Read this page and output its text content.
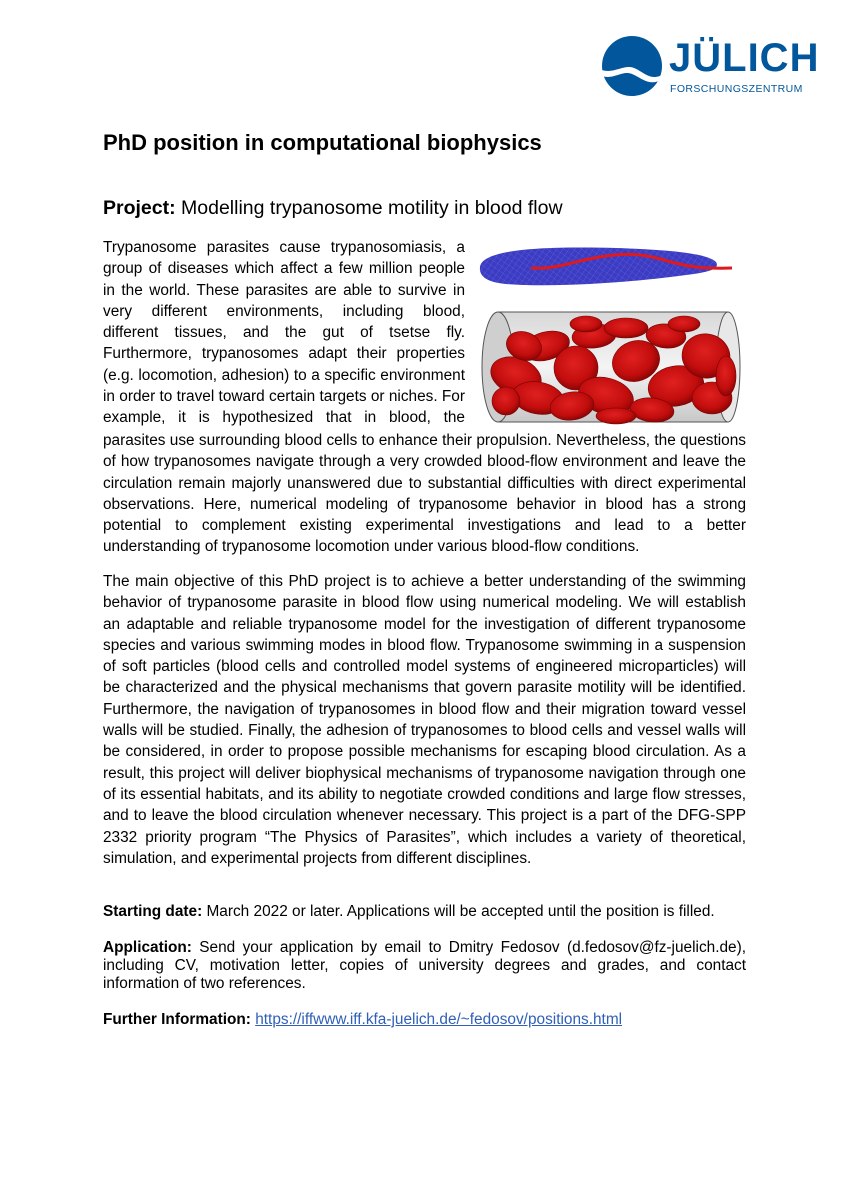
JÜLICH
FORSCHUNGSZENTRUM
PhD position in computational biophysics
Project: Modelling trypanosome motility in blood flow
Trypanosome parasites cause trypanosomiasis, a
group of diseases which affect a few million people
in the world. These parasites are able to survive in
very different environments, including blood,
different tissues, and the gut of tsetse fly.
Furthermore, trypanosomes adapt their properties
(e.g. locomotion, adhesion) to a specific environment
in order to travel toward certain targets or niches. For
example, it is hypothesized that in blood, the
parasites use surrounding blood cells to enhance their propulsion. Nevertheless, the questions
of how trypanosomes navigate through a very crowded blood-flow environment and leave the
circulation remain majorly unanswered due to substantial difficulties with direct experimental
observations. Here, numerical modeling of trypanosome behavior in blood has a strong
potential to complement existing experimental investigations and lead to a better
understanding of trypanosome locomotion under various blood-flow conditions.
The main objective of this PhD project is to achieve a better understanding of the swimming
behavior of trypanosome parasite in blood flow using numerical modeling. We will establish
an adaptable and reliable trypanosome model for the investigation of different trypanosome
species and various swimming modes in blood flow. Trypanosome swimming in a suspension
of soft particles (blood cells and controlled model systems of engineered microparticles) will
be characterized and the physical mechanisms that govern parasite motility will be identified.
Furthermore, the navigation of trypanosomes in blood flow and their migration toward vessel
walls will be studied. Finally, the adhesion of trypanosomes to blood cells and vessel walls will
be considered, in order to propose possible mechanisms for escaping blood circulation. As a
result, this project will deliver biophysical mechanisms of trypanosome navigation through one
of its essential habitats, and its ability to negotiate crowded conditions and large flow stresses,
and to leave the blood circulation whenever necessary. This project is a part of the DFG-SPP
2332 priority program “The Physics of Parasites”, which includes a variety of theoretical,
simulation, and experimental projects from different disciplines.
Starting date: March 2022 or later. Applications will be accepted until the position is filled.
Application: Send your application by email to Dmitry Fedosov (d.fedosov@fz-juelich.de),
including CV, motivation letter, copies of university degrees and grades, and contact
information of two references.
Further Information: https://iffwww.iff.kfa-juelich.de/~fedosov/positions.html
